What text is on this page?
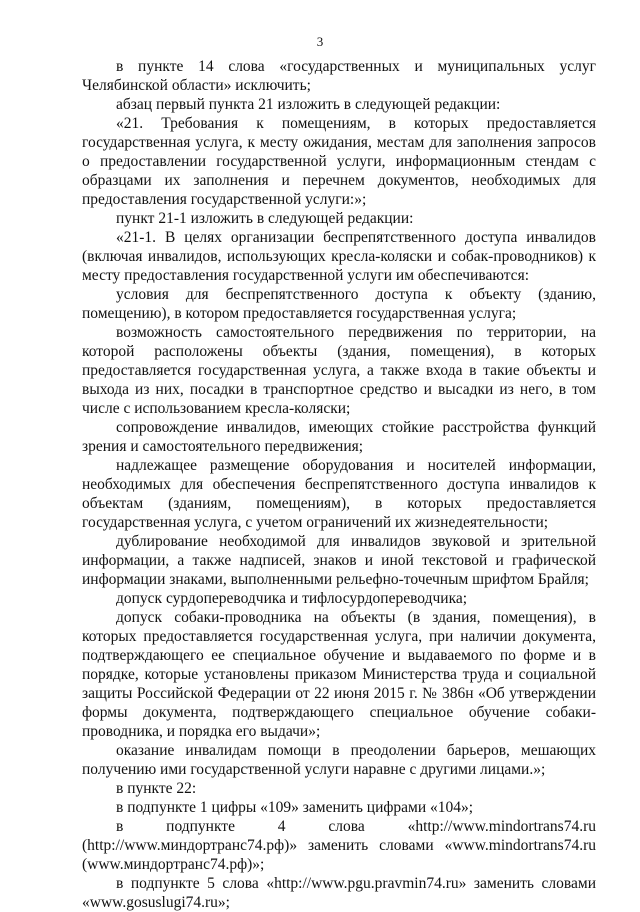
3

в пункте 14 слова «государственных и муниципальных услуг Челябинской области» исключить;

абзац первый пункта 21 изложить в следующей редакции:

«21. Требования к помещениям, в которых предоставляется государственная услуга, к месту ожидания, местам для заполнения запросов о предоставлении государственной услуги, информационным стендам с образцами их заполнения и перечнем документов, необходимых для предоставления государственной услуги:»;

пункт 21-1 изложить в следующей редакции:

«21-1. В целях организации беспрепятственного доступа инвалидов (включая инвалидов, использующих кресла-коляски и собак-проводников) к месту предоставления государственной услуги им обеспечиваются:

условия для беспрепятственного доступа к объекту (зданию, помещению), в котором предоставляется государственная услуга;

возможность самостоятельного передвижения по территории, на которой расположены объекты (здания, помещения), в которых предоставляется государственная услуга, а также входа в такие объекты и выхода из них, посадки в транспортное средство и высадки из него, в том числе с использованием кресла-коляски;

сопровождение инвалидов, имеющих стойкие расстройства функций зрения и самостоятельного передвижения;

надлежащее размещение оборудования и носителей информации, необходимых для обеспечения беспрепятственного доступа инвалидов к объектам (зданиям, помещениям), в которых предоставляется государственная услуга, с учетом ограничений их жизнедеятельности;

дублирование необходимой для инвалидов звуковой и зрительной информации, а также надписей, знаков и иной текстовой и графической информации знаками, выполненными рельефно-точечным шрифтом Брайля;

допуск сурдопереводчика и тифлосурдопереводчика;

допуск собаки-проводника на объекты (в здания, помещения), в которых предоставляется государственная услуга, при наличии документа, подтверждающего ее специальное обучение и выдаваемого по форме и в порядке, которые установлены приказом Министерства труда и социальной защиты Российской Федерации от 22 июня 2015 г. № 386н «Об утверждении формы документа, подтверждающего специальное обучение собаки-проводника, и порядка его выдачи»;

оказание инвалидам помощи в преодолении барьеров, мешающих получению ими государственной услуги наравне с другими лицами.»;

в пункте 22:

в подпункте 1 цифры «109» заменить цифрами «104»;

в подпункте 4 слова «http://www.mindortrans74.ru (http://www.миндортранс74.рф)» заменить словами «www.mindortrans74.ru (www.миндортранс74.рф)»;

в подпункте 5 слова «http://www.pgu.pravmin74.ru» заменить словами «www.gosuslugi74.ru»;
